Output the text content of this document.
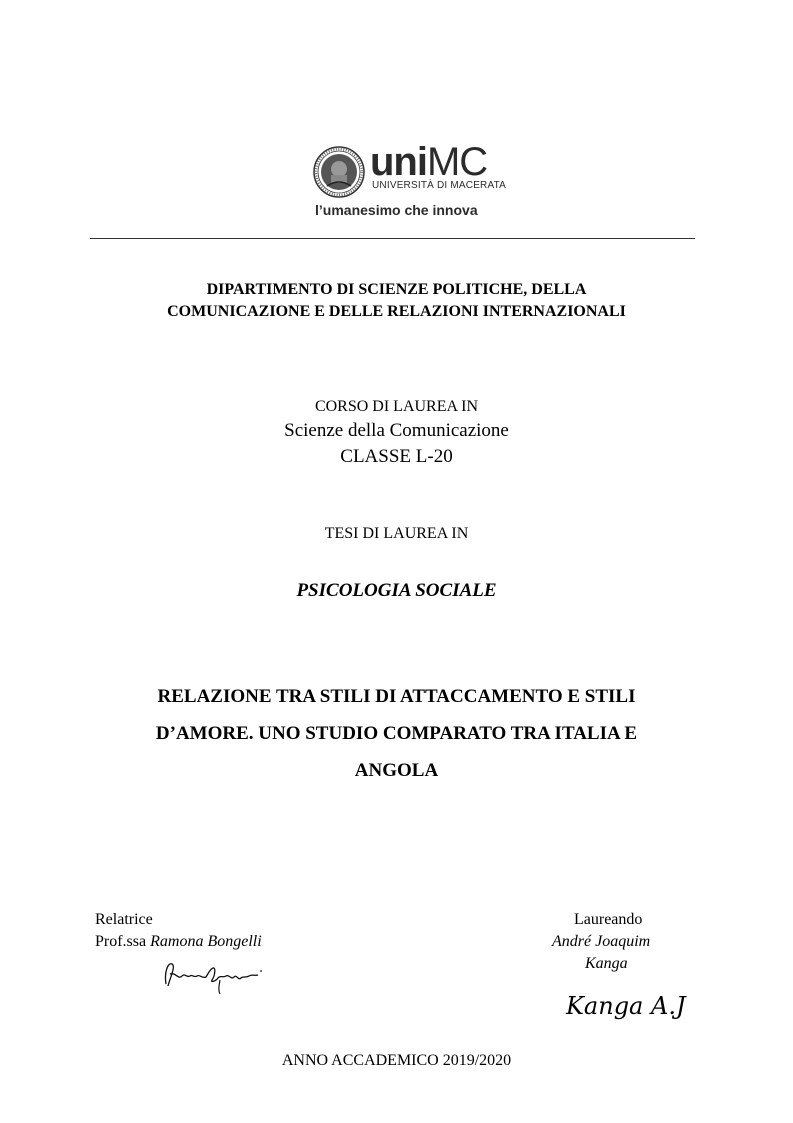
uniMC
UNIVERSITÀ DI MACERATA
l’umanesimo che innova
DIPARTIMENTO DI SCIENZE POLITICHE, DELLA
COMUNICAZIONE E DELLE RELAZIONI INTERNAZIONALI
CORSO DI LAUREA IN
Scienze della Comunicazione
CLASSE L-20
TESI DI LAUREA IN
PSICOLOGIA SOCIALE
RELAZIONE TRA STILI DI ATTACCAMENTO E STILI
D’AMORE. UNO STUDIO COMPARATO TRA ITALIA E
ANGOLA
Relatrice
Prof.ssa Ramona Bongelli
Laureando
André Joaquim
Kanga
Kanga A.J
ANNO ACCADEMICO 2019/2020
